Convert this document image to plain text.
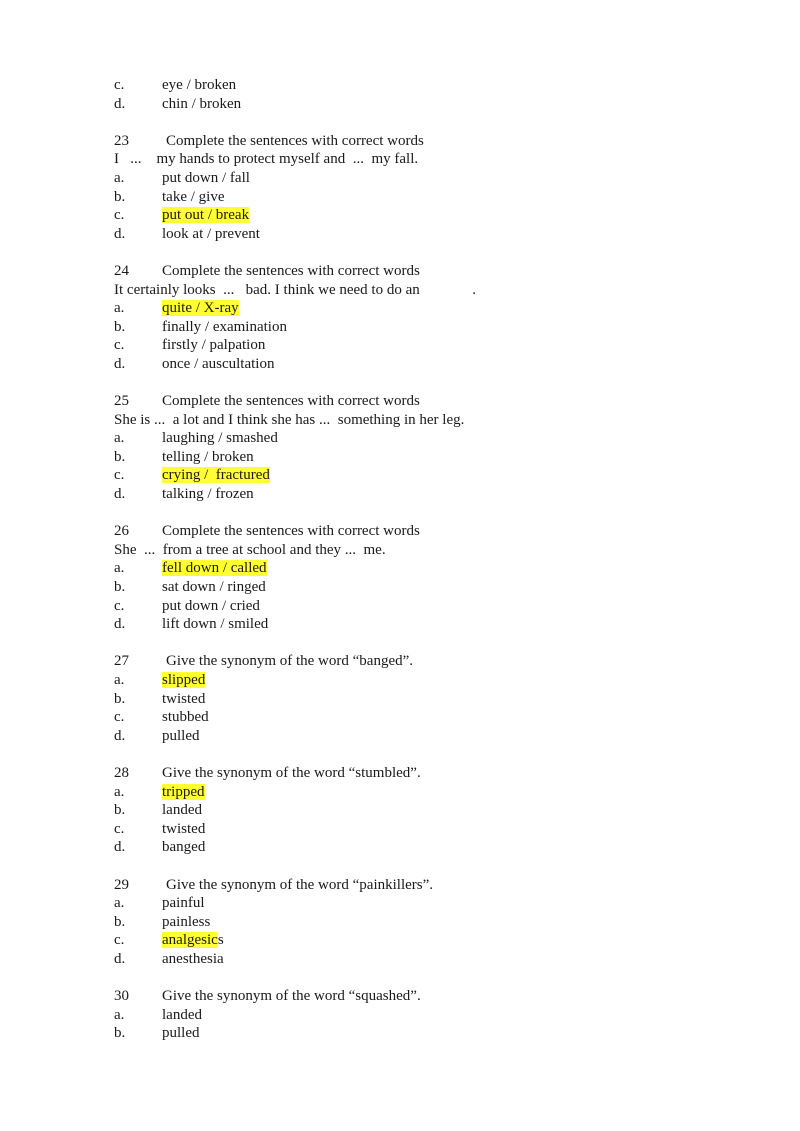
c.	eye / broken
d. chin / broken
23 Complete the sentences with correct words
I   ...    my hands to protect myself and  ...  my fall.
a.	put down / fall
b. take / give
c.	put out / break
d. look at / prevent
24 Complete the sentences with correct words
It certainly looks  ...   bad. I think we need to do an              .
a.	quite / X-ray
b. finally / examination
c.	firstly / palpation
d. once / auscultation
25 Complete the sentences with correct words
She is ...  a lot and I think she has ...  something in her leg.
a.	laughing / smashed
b. telling / broken
c.	crying /  fractured
d. talking / frozen
26 Complete the sentences with correct words
She  ...  from a tree at school and they ...  me.
a.	fell down / called
b. sat down / ringed
c.	put down / cried
d. lift down / smiled
27 Give the synonym of the word “banged”.
a.	slipped
b. twisted
c.	stubbed
d. pulled
28 Give the synonym of the word “stumbled”.
a.	tripped
b. landed
c.	twisted
d. banged
29 Give the synonym of the word “painkillers”.
a.	painful
b. painless
c.	analgesics
d. anesthesia
30 Give the synonym of the word “squashed”.
a.	landed
b. pulled
